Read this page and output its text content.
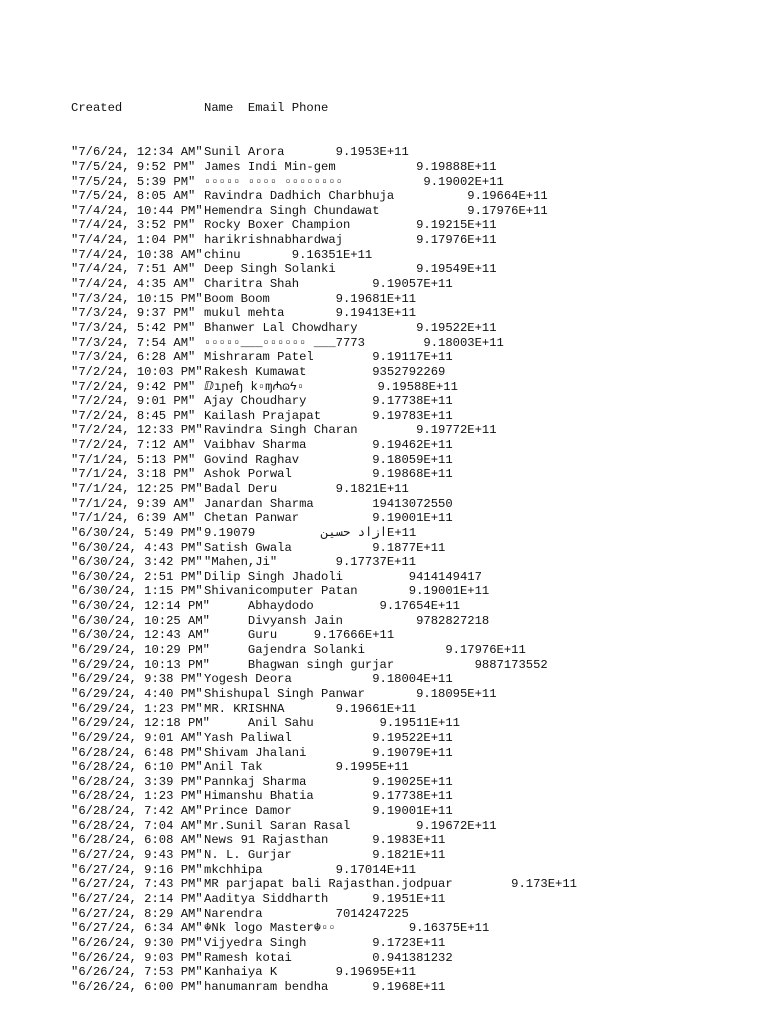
Created	Name  Email Phone

"7/6/24, 12:34 AM"Sunil Arora       9.1953E+11
"7/5/24, 9:52 PM" James Indi Min-gem           9.19888E+11
"7/5/24, 5:39 PM" ▫▫▫▫▫ ▫▫▫▫ ▫▫▫▫▫▫▫▫           9.19002E+11
"7/5/24, 8:05 AM" Ravindra Dadhich Charbhuja          9.19664E+11
"7/4/24, 10:44 PM"Hemendra Singh Chundawat            9.17976E+11
"7/4/24, 3:52 PM" Rocky Boxer Champion         9.19215E+11
"7/4/24, 1:04 PM" harikrishnabhardwaj          9.17976E+11
"7/4/24, 10:38 AM"chinu       9.16351E+11
"7/4/24, 7:51 AM" Deep Singh Solanki           9.19549E+11
"7/4/24, 4:35 AM" Charitra Shah          9.19057E+11
"7/3/24, 10:15 PM"Boom Boom         9.19681E+11
"7/3/24, 9:37 PM" mukul mehta       9.19413E+11
"7/3/24, 5:42 PM" Bhanwer Lal Chowdhary        9.19522E+11
"7/3/24, 7:54 AM" ▫▫▫▫▫___▫▫▫▫▫▫ ___7773        9.18003E+11
"7/3/24, 6:28 AM" Mishraram Patel        9.19117E+11
"7/2/24, 10:03 PM"Rakesh Kumawat         9352792269
"7/2/24, 9:42 PM" ⅅıɲeɧ k▫ɱ₼ɷϟ▫          9.19588E+11
"7/2/24, 9:01 PM" Ajay Choudhary         9.17738E+11
"7/2/24, 8:45 PM" Kailash Prajapat       9.19783E+11
"7/2/24, 12:33 PM"Ravindra Singh Charan        9.19772E+11
"7/2/24, 7:12 AM" Vaibhav Sharma         9.19462E+11
"7/1/24, 5:13 PM" Govind Raghav          9.18059E+11
"7/1/24, 3:18 PM" Ashok Porwal           9.19868E+11
"7/1/24, 12:25 PM"Badal Deru        9.1821E+11
"7/1/24, 9:39 AM" Janardan Sharma        19413072550
"7/1/24, 6:39 AM" Chetan Panwar          9.19001E+11
"6/30/24, 5:49 PM"ازاد حسین         9.19079E+11
"6/30/24, 4:43 PM"Satish Gwala           9.1877E+11
"6/30/24, 3:42 PM""Mahen,Ji"        9.17737E+11
"6/30/24, 2:51 PM"Dilip Singh Jhadoli         9414149417
"6/30/24, 1:15 PM"Shivanicomputer Patan       9.19001E+11
"6/30/24, 12:14 PM"      Abhaydodo         9.17654E+11
"6/30/24, 10:25 AM"      Divyansh Jain          9782827218
"6/30/24, 12:43 AM"      Guru     9.17666E+11
"6/29/24, 10:29 PM"      Gajendra Solanki           9.17976E+11
"6/29/24, 10:13 PM"      Bhagwan singh gurjar           9887173552
"6/29/24, 9:38 PM"Yogesh Deora           9.18004E+11
"6/29/24, 4:40 PM"Shishupal Singh Panwar       9.18095E+11
"6/29/24, 1:23 PM"MR. KRISHNA       9.19661E+11
"6/29/24, 12:18 PM"      Anil Sahu         9.19511E+11
"6/29/24, 9:01 AM"Yash Paliwal           9.19522E+11
"6/28/24, 6:48 PM"Shivam Jhalani         9.19079E+11
"6/28/24, 6:10 PM"Anil Tak          9.1995E+11
"6/28/24, 3:39 PM"Pannkaj Sharma         9.19025E+11
"6/28/24, 1:23 PM"Himanshu Bhatia        9.17738E+11
"6/28/24, 7:42 AM"Prince Damor           9.19001E+11
"6/28/24, 7:04 AM"Mr.Sunil Saran Rasal         9.19672E+11
"6/28/24, 6:08 AM"News 91 Rajasthan      9.1983E+11
"6/27/24, 9:43 PM"N. L. Gurjar           9.1821E+11
"6/27/24, 9:16 PM"mkchhipa          9.17014E+11
"6/27/24, 7:43 PM"MR parjapat bali Rajasthan.jodpuar        9.173E+11
"6/27/24, 2:14 PM"Aaditya Siddharth      9.1951E+11
"6/27/24, 8:29 AM"Narendra          7014247225
"6/27/24, 6:34 AM"☬Nk logo Master☬▫▫          9.16375E+11
"6/26/24, 9:30 PM"Vijyedra Singh         9.1723E+11
"6/26/24, 9:03 PM"Ramesh kotai           0.941381232
"6/26/24, 7:53 PM"Kanhaiya K        9.19695E+11
"6/26/24, 6:00 PM"hanumanram bendha      9.1968E+11
